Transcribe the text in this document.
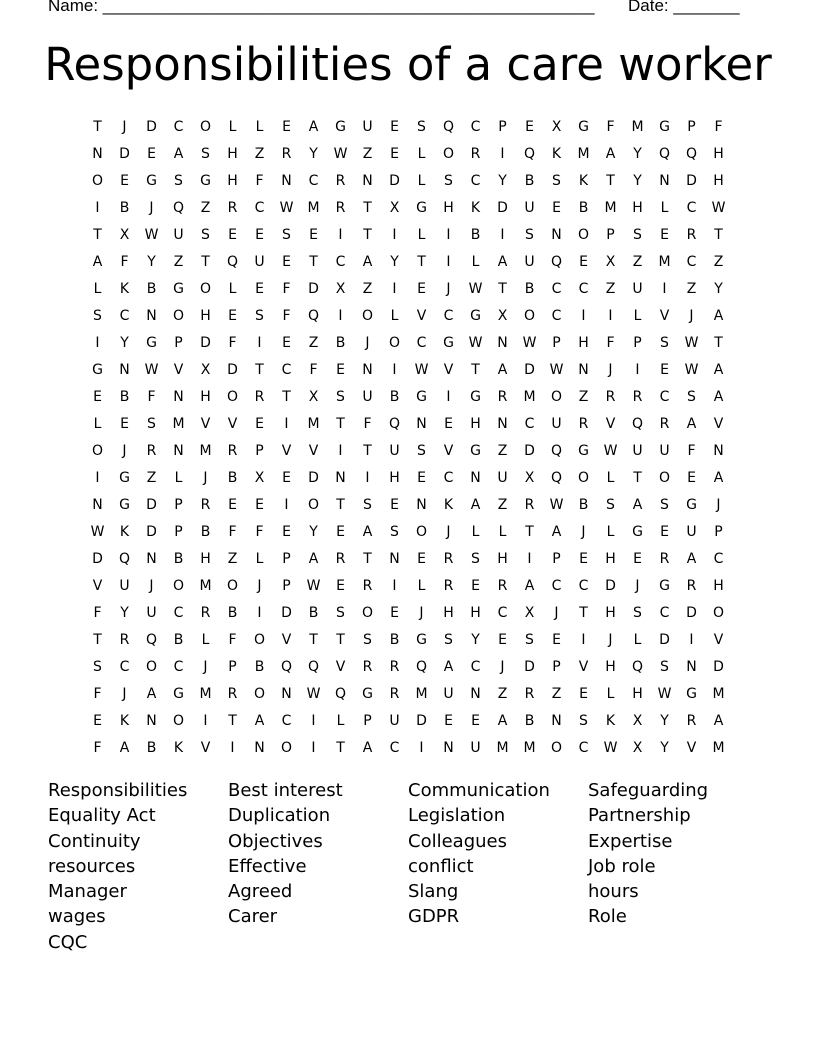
Name: ____________________________________________________ Date: _______
Responsibilities of a care worker
T	J	D	C	O	L	L	E	A	G	U	E	S	Q	C	P	E	X	G	F	M	G	P	F
N	D	E	A	S	H	Z	R	Y	W	Z	E	L	O	R	I	Q	K	M	A	Y	Q	Q	H
O	E	G	S	G	H	F	N	C	R	N	D	L	S	C	Y	B	S	K	T	Y	N	D	H
I	B	J	Q	Z	R	C	W	M	R	T	X	G	H	K	D	U	E	B	M	H	L	C	W
T	X	W	U	S	E	E	S	E	I	T	I	L	I	B	I	S	N	O	P	S	E	R	T
A	F	Y	Z	T	Q	U	E	T	C	A	Y	T	I	L	A	U	Q	E	X	Z	M	C	Z
L	K	B	G	O	L	E	F	D	X	Z	I	E	J	W	T	B	C	C	Z	U	I	Z	Y
S	C	N	O	H	E	S	F	Q	I	O	L	V	C	G	X	O	C	I	I	L	V	J	A
I	Y	G	P	D	F	I	E	Z	B	J	O	C	G	W	N	W	P	H	F	P	S	W	T
G	N	W	V	X	D	T	C	F	E	N	I	W	V	T	A	D	W	N	J	I	E	W	A
E	B	F	N	H	O	R	T	X	S	U	B	G	I	G	R	M	O	Z	R	R	C	S	A
L	E	S	M	V	V	E	I	M	T	F	Q	N	E	H	N	C	U	R	V	Q	R	A	V
O	J	R	N	M	R	P	V	V	I	T	U	S	V	G	Z	D	Q	G	W	U	U	F	N
I	G	Z	L	J	B	X	E	D	N	I	H	E	C	N	U	X	Q	O	L	T	O	E	A
N	G	D	P	R	E	E	I	O	T	S	E	N	K	A	Z	R	W	B	S	A	S	G	J
W	K	D	P	B	F	F	E	Y	E	A	S	O	J	L	L	T	A	J	L	G	E	U	P
D	Q	N	B	H	Z	L	P	A	R	T	N	E	R	S	H	I	P	E	H	E	R	A	C
V	U	J	O	M	O	J	P	W	E	R	I	L	R	E	R	A	C	C	D	J	G	R	H
F	Y	U	C	R	B	I	D	B	S	O	E	J	H	H	C	X	J	T	H	S	C	D	O
T	R	Q	B	L	F	O	V	T	T	S	B	G	S	Y	E	S	E	I	J	L	D	I	V
S	C	O	C	J	P	B	Q	Q	V	R	R	Q	A	C	J	D	P	V	H	Q	S	N	D
F	J	A	G	M	R	O	N	W	Q	G	R	M	U	N	Z	R	Z	E	L	H	W	G	M
E	K	N	O	I	T	A	C	I	L	P	U	D	E	E	A	B	N	S	K	X	Y	R	A
F	A	B	K	V	I	N	O	I	T	A	C	I	N	U	M	M	O	C	W	X	Y	V	M
Responsibilities	Best interest	Communication	Safeguarding
Equality Act	Duplication	Legislation	Partnership
Continuity	Objectives	Colleagues	Expertise
resources	Effective	conflict	Job role
Manager	Agreed	Slang	hours
wages	Carer	GDPR	Role
CQC
